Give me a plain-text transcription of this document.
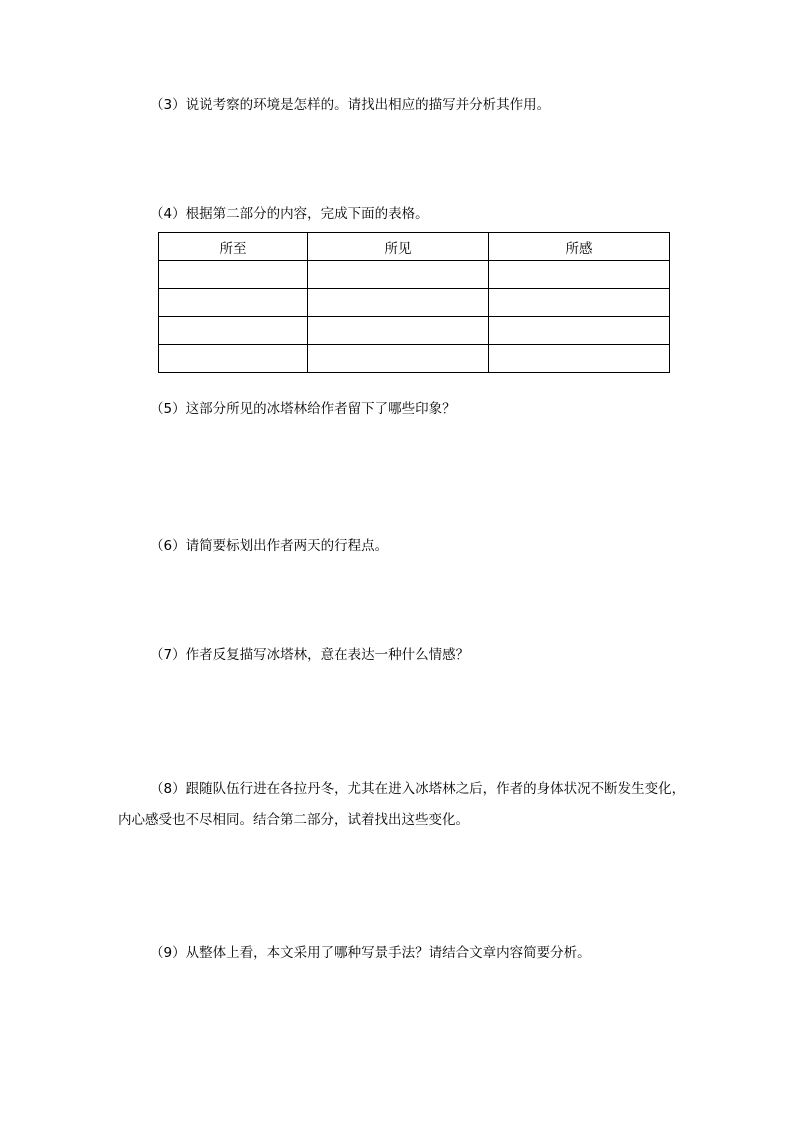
（3）说说考察的环境是怎样的。请找出相应的描写并分析其作用。
（4）根据第二部分的内容，完成下面的表格。
所至	所见	所感

（5）这部分所见的冰塔林给作者留下了哪些印象？
（6）请简要标划出作者两天的行程点。
（7）作者反复描写冰塔林，意在表达一种什么情感？
（8）跟随队伍行进在各拉丹冬，尤其在进入冰塔林之后，作者的身体状况不断发生变化，内心感受也不尽相同。结合第二部分，试着找出这些变化。
（9）从整体上看，本文采用了哪种写景手法？请结合文章内容简要分析。
